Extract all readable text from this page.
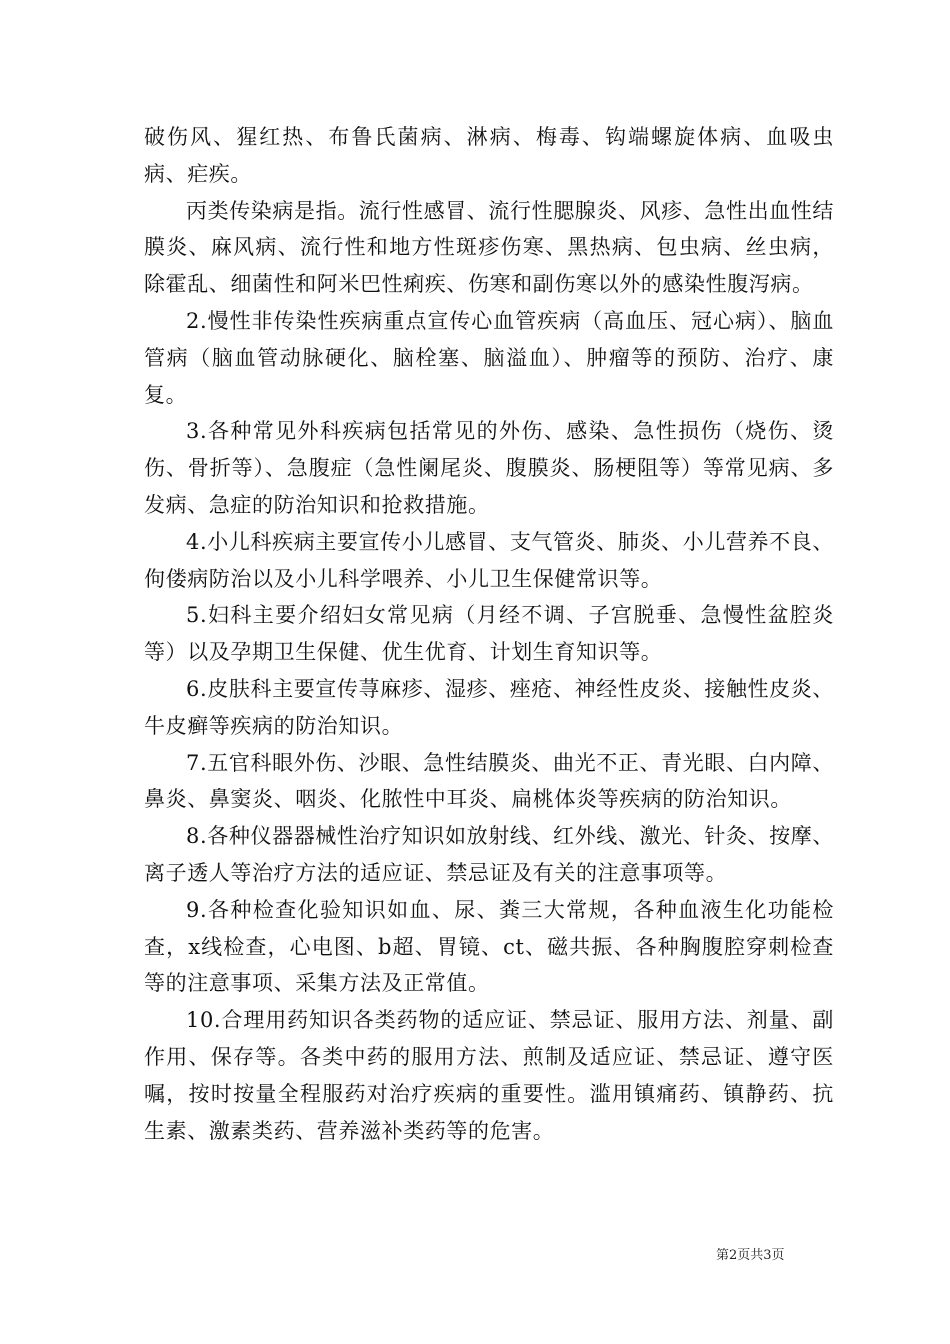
破伤风、猩红热、布鲁氏菌病、淋病、梅毒、钩端螺旋体病、血吸虫病、疟疾。

丙类传染病是指。流行性感冒、流行性腮腺炎、风疹、急性出血性结膜炎、麻风病、流行性和地方性斑疹伤寒、黑热病、包虫病、丝虫病，除霍乱、细菌性和阿米巴性痢疾、伤寒和副伤寒以外的感染性腹泻病。

2.慢性非传染性疾病重点宣传心血管疾病（高血压、冠心病）、脑血管病（脑血管动脉硬化、脑栓塞、脑溢血）、肿瘤等的预防、治疗、康复。

3.各种常见外科疾病包括常见的外伤、感染、急性损伤（烧伤、烫伤、骨折等）、急腹症（急性阑尾炎、腹膜炎、肠梗阻等）等常见病、多发病、急症的防治知识和抢救措施。

4.小儿科疾病主要宣传小儿感冒、支气管炎、肺炎、小儿营养不良、佝偻病防治以及小儿科学喂养、小儿卫生保健常识等。

5.妇科主要介绍妇女常见病（月经不调、子宫脱垂、急慢性盆腔炎等）以及孕期卫生保健、优生优育、计划生育知识等。

6.皮肤科主要宣传荨麻疹、湿疹、痤疮、神经性皮炎、接触性皮炎、牛皮癣等疾病的防治知识。

7.五官科眼外伤、沙眼、急性结膜炎、曲光不正、青光眼、白内障、鼻炎、鼻窦炎、咽炎、化脓性中耳炎、扁桃体炎等疾病的防治知识。

8.各种仪器器械性治疗知识如放射线、红外线、激光、针灸、按摩、离子透人等治疗方法的适应证、禁忌证及有关的注意事项等。

9.各种检查化验知识如血、尿、粪三大常规，各种血液生化功能检查，x线检查，心电图、b超、胃镜、ct、磁共振、各种胸腹腔穿刺检查等的注意事项、采集方法及正常值。

10.合理用药知识各类药物的适应证、禁忌证、服用方法、剂量、副作用、保存等。各类中药的服用方法、煎制及适应证、禁忌证、遵守医嘱，按时按量全程服药对治疗疾病的重要性。滥用镇痛药、镇静药、抗生素、激素类药、营养滋补类药等的危害。

第2页共3页
